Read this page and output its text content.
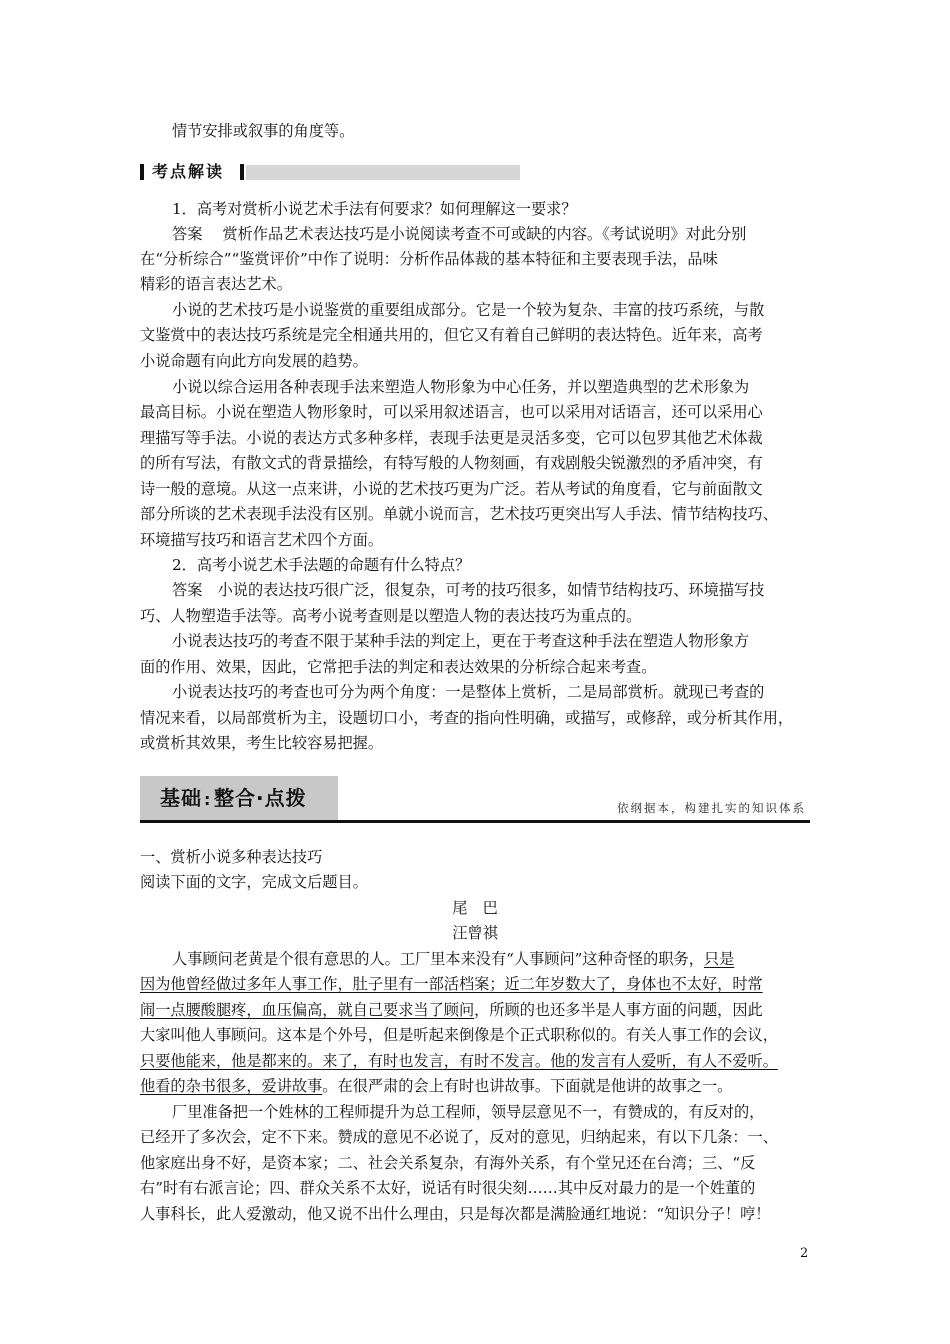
情节安排或叙事的角度等。
考点解读
1．高考对赏析小说艺术手法有何要求？如何理解这一要求？
答案　 赏析作品艺术表达技巧是小说阅读考查不可或缺的内容。《考试说明》对此分别
在“分析综合”“鉴赏评价”中作了说明：分析作品体裁的基本特征和主要表现手法，品味
精彩的语言表达艺术。
小说的艺术技巧是小说鉴赏的重要组成部分。它是一个较为复杂、丰富的技巧系统，与散
文鉴赏中的表达技巧系统是完全相通共用的，但它又有着自己鲜明的表达特色。近年来，高考
小说命题有向此方向发展的趋势。
小说以综合运用各种表现手法来塑造人物形象为中心任务，并以塑造典型的艺术形象为
最高目标。小说在塑造人物形象时，可以采用叙述语言，也可以采用对话语言，还可以采用心
理描写等手法。小说的表达方式多种多样，表现手法更是灵活多变，它可以包罗其他艺术体裁
的所有写法，有散文式的背景描绘，有特写般的人物刻画，有戏剧般尖锐激烈的矛盾冲突，有
诗一般的意境。从这一点来讲，小说的艺术技巧更为广泛。若从考试的角度看，它与前面散文
部分所谈的艺术表现手法没有区别。单就小说而言，艺术技巧更突出写人手法、情节结构技巧、
环境描写技巧和语言艺术四个方面。
2．高考小说艺术手法题的命题有什么特点？
答案　小说的表达技巧很广泛，很复杂，可考的技巧很多，如情节结构技巧、环境描写技
巧、人物塑造手法等。高考小说考查则是以塑造人物的表达技巧为重点的。
小说表达技巧的考查不限于某种手法的判定上，更在于考查这种手法在塑造人物形象方
面的作用、效果，因此，它常把手法的判定和表达效果的分析综合起来考查。
小说表达技巧的考查也可分为两个角度：一是整体上赏析，二是局部赏析。就现已考查的
情况来看，以局部赏析为主，设题切口小，考查的指向性明确，或描写，或修辞，或分析其作用，
或赏析其效果，考生比较容易把握。
基础 : 整合·点拨	依纲据本，构建扎实的知识体系
一、赏析小说多种表达技巧
阅读下面的文字，完成文后题目。
尾　巴
汪曾祺
人事顾问老黄是个很有意思的人。工厂里本来没有“人事顾问”这种奇怪的职务，只是
因为他曾经做过多年人事工作，肚子里有一部活档案；近二年岁数大了，身体也不太好，时常
闹一点腰酸腿疼，血压偏高，就自己要求当了顾问，所顾的也还多半是人事方面的问题，因此
大家叫他人事顾问。这本是个外号，但是听起来倒像是个正式职称似的。有关人事工作的会议，
只要他能来，他是都来的。来了，有时也发言，有时不发言。他的发言有人爱听，有人不爱听。
他看的杂书很多，爱讲故事。在很严肃的会上有时也讲故事。下面就是他讲的故事之一。
厂里准备把一个姓林的工程师提升为总工程师，领导层意见不一，有赞成的，有反对的，
已经开了多次会，定不下来。赞成的意见不必说了，反对的意见，归纳起来，有以下几条：一、
他家庭出身不好，是资本家；二、社会关系复杂，有海外关系，有个堂兄还在台湾；三、“反
右”时有右派言论；四、群众关系不太好，说话有时很尖刻……其中反对最力的是一个姓董的
人事科长，此人爱激动，他又说不出什么理由，只是每次都是满脸通红地说：“知识分子！哼！
2
